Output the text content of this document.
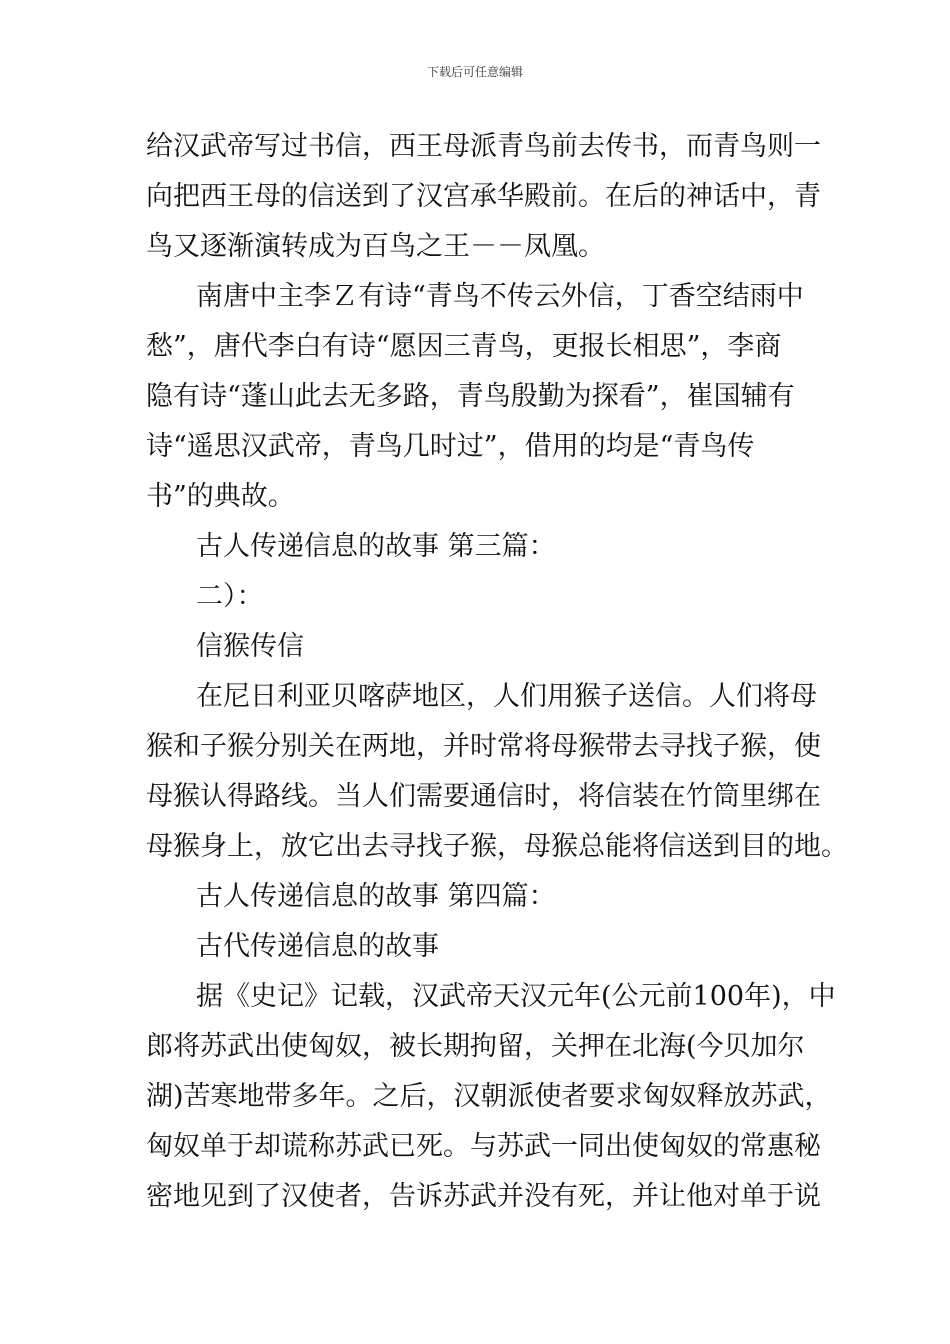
下载后可任意编辑
给汉武帝写过书信，西王母派青鸟前去传书，而青鸟则一
向把西王母的信送到了汉宫承华殿前。在后的神话中，青
鸟又逐渐演转成为百鸟之王－－凤凰。
南唐中主李Ｚ有诗“青鸟不传云外信，丁香空结雨中
愁”，唐代李白有诗“愿因三青鸟，更报长相思”，李商
隐有诗“蓬山此去无多路，青鸟殷勤为探看”，崔国辅有
诗“遥思汉武帝，青鸟几时过”，借用的均是“青鸟传
书”的典故。
古人传递信息的故事 第三篇：
二）：
信猴传信
在尼日利亚贝喀萨地区，人们用猴子送信。人们将母
猴和子猴分别关在两地，并时常将母猴带去寻找子猴，使
母猴认得路线。当人们需要通信时，将信装在竹筒里绑在
母猴身上，放它出去寻找子猴，母猴总能将信送到目的地。
古人传递信息的故事 第四篇：
古代传递信息的故事
据《史记》记载，汉武帝天汉元年(公元前100年)，中
郎将苏武出使匈奴，被长期拘留，关押在北海(今贝加尔
湖)苦寒地带多年。之后，汉朝派使者要求匈奴释放苏武，
匈奴单于却谎称苏武已死。与苏武一同出使匈奴的常惠秘
密地见到了汉使者，告诉苏武并没有死，并让他对单于说
